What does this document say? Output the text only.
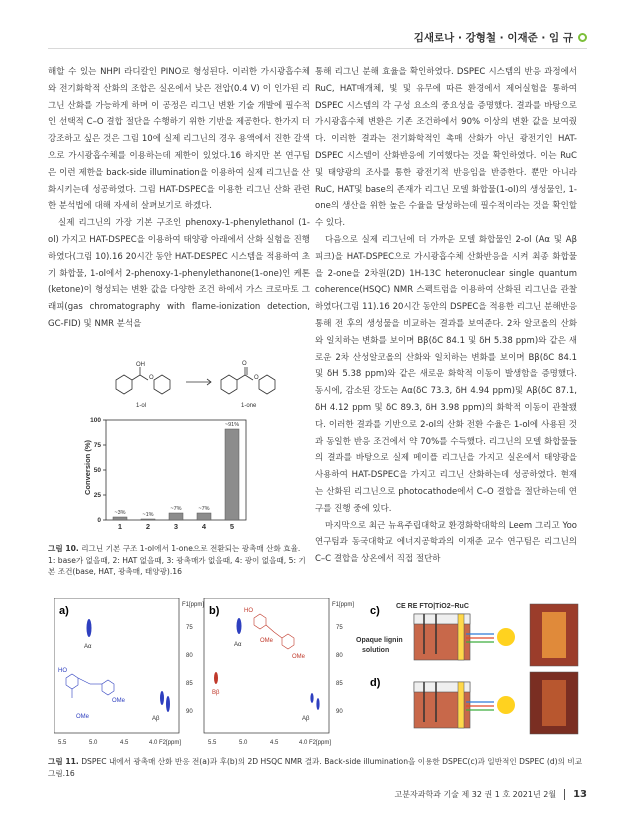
김새로나 · 강형철 · 이재준 · 임 규

해할 수 있는 NHPI 라디칼인 PINO로 형성된다. 이러한 가시광흡수체와 전기화학적 산화의 조합은 실온에서 낮은 전압(0.4 V) 이 인가된 리그닌 산화를 가능하게 하며 이 공정은 리그닌 변환 기술 개발에 필수적인 선택적 C–O 결합 절단을 수행하기 위한 기반을 제공한다. 한가지 더 강조하고 싶은 것은 그림 10에 실제 리그닌의 경우 용액에서 진한 갈색으로 가시광흡수체를 이용하는데 제한이 있었다.16 하지만 본 연구팀은 이런 제한을 back-side illumination을 이용하여 실제 리그닌을 산화시키는데 성공하였다. 그림 HAT-DSPEC을 이용한 리그닌 산화 관련한 분석법에 대해 자세히 살펴보기로 하겠다.

실제 리그닌의 가장 기본 구조인 phenoxy-1-phenylethanol (1-ol) 가지고 HAT-DSPEC을 이용하여 태양광 아래에서 산화 실험을 진행하였다(그림 10).16 20시간 동안 HAT-DESPEC 시스템을 적용하여 초기 화합물, 1-ol에서 2-phenoxy-1-phenylethanone(1-one)인 케톤(ketone)이 형성되는 변환 값을 다양한 조건 하에서 가스 크로마토 그래피(gas chromatography with flame-ionization detection, GC-FID) 및 NMR 분석을

OH
O
O
O
1-ol	1-one
Conversion (%)
0
25
50
75
100
~3%
1
~1%
2
~7%
3
~7%
4
~91%
5
그림 10. 리그닌 기본 구조 1-ol에서 1-one으로 전환되는 광촉매 산화 효율. 1: base가 없을때, 2: HAT 없을때, 3: 광촉매가 없을때, 4: 광이 없을때, 5: 기본 조건(base, HAT, 광촉매, 태양광).16

통해 리그닌 분해 효율을 확인하였다. DSPEC 시스템의 반응 과정에서 RuC, HAT매개체, 빛 및 유무에 따른 환경에서 제어실험을 통하여 DSPEC 시스템의 각 구성 요소의 중요성을 증명했다. 결과를 바탕으로 가시광흡수체 변환은 기존 조건하에서 90% 이상의 변환 값을 보여줬다. 이러한 결과는 전기화학적인 촉매 산화가 아닌 광전기인 HAT-DSPEC 시스템이 산화반응에 기여했다는 것을 확인하였다. 이는 RuC 및 태양광의 조사를 통한 광전기적 반응임을 반증한다. 뿐만 아니라 RuC, HAT및 base의 존재가 리그닌 모델 화합물(1-ol)의 생성물인, 1-one의 생산을 위한 높은 수율을 달성하는데 필수적이라는 것을 확인할 수 있다.

다음으로 실제 리그닌에 더 가까운 모델 화합물인 2-ol (Aα 및 Aβ 피크)을 HAT-DSPEC으로 가시광흡수체 산화반응을 시켜 최종 화합물을 2-one을 2차원(2D) 1H-13C heteronuclear single quantum coherence(HSQC) NMR 스펙트럼을 이용하여 산화된 리그닌을 관찰하였다(그림 11).16 20시간 동안의 DSPEC을 적용한 리그닌 분해반응 통해 전 후의 생성물을 비교하는 결과를 보여준다. 2차 알코올의 산화와 일치하는 변화를 보이며 Bβ(δC 84.1 및 δH 5.38 ppm)와 같은 새로운 2차 산성알코올의 산화와 일치하는 변화를 보이며 Bβ(δC 84.1 및 δH 5.38 ppm)와 같은 새로운 화학적 이동이 발생함을 증명했다. 동시에, 감소된 강도는 Aα(δC 73.3, δH 4.94 ppm)및 Aβ(δC 87.1, δH 4.12 ppm 및 δC 89.3, δH 3.98 ppm)의 화학적 이동이 관찰됐다. 이러한 결과를 기반으로 2-ol의 산화 전환 수율은 1-ol에 사용된 것과 동일한 반응 조건에서 약 70%를 수득했다. 리그닌의 모델 화합물들의 결과를 바탕으로 실제 메이플 리그닌을 가지고 실온에서 태양광을 사용하여 HAT-DSPEC을 가지고 리그닌 산화하는데 성공하였다. 현재는 산화된 리그닌으로 photocathode에서 C–O 결합을 절단하는데 연구를 진행 중에 있다.

마지막으로 최근 뉴욕주립대학교 환경화학대학의 Leem 그리고 Yoo 연구팀과 동국대학교 에너지공학과의 이재준 교수 연구팀은 리그닌의 C–C 결합을 상온에서 직접 절단하

a)	F1[ppm]
75
80
85
90
5.5	5.0	4.5	4.0 F2[ppm]
Aα
Aβ
HO
OMe
OMe
b)	F1[ppm]
75
80
85
90
5.5	5.0	4.5	4.0 F2[ppm]
Aα
Bβ
Aβ
HO
OMe
OMe
c) CE RE FTO|TiO2–RuC
Opaque lignin
solution
d)
그림 11. DSPEC 내에서 광촉매 산화 반응 전(a)과 후(b)의 2D HSQC NMR 결과. Back-side illumination을 이용한 DSPEC(c)과 일반적인 DSPEC (d)의 비교 그림.16
고분자과학과 기술 제 32 권 1 호 2021년 2월	13
